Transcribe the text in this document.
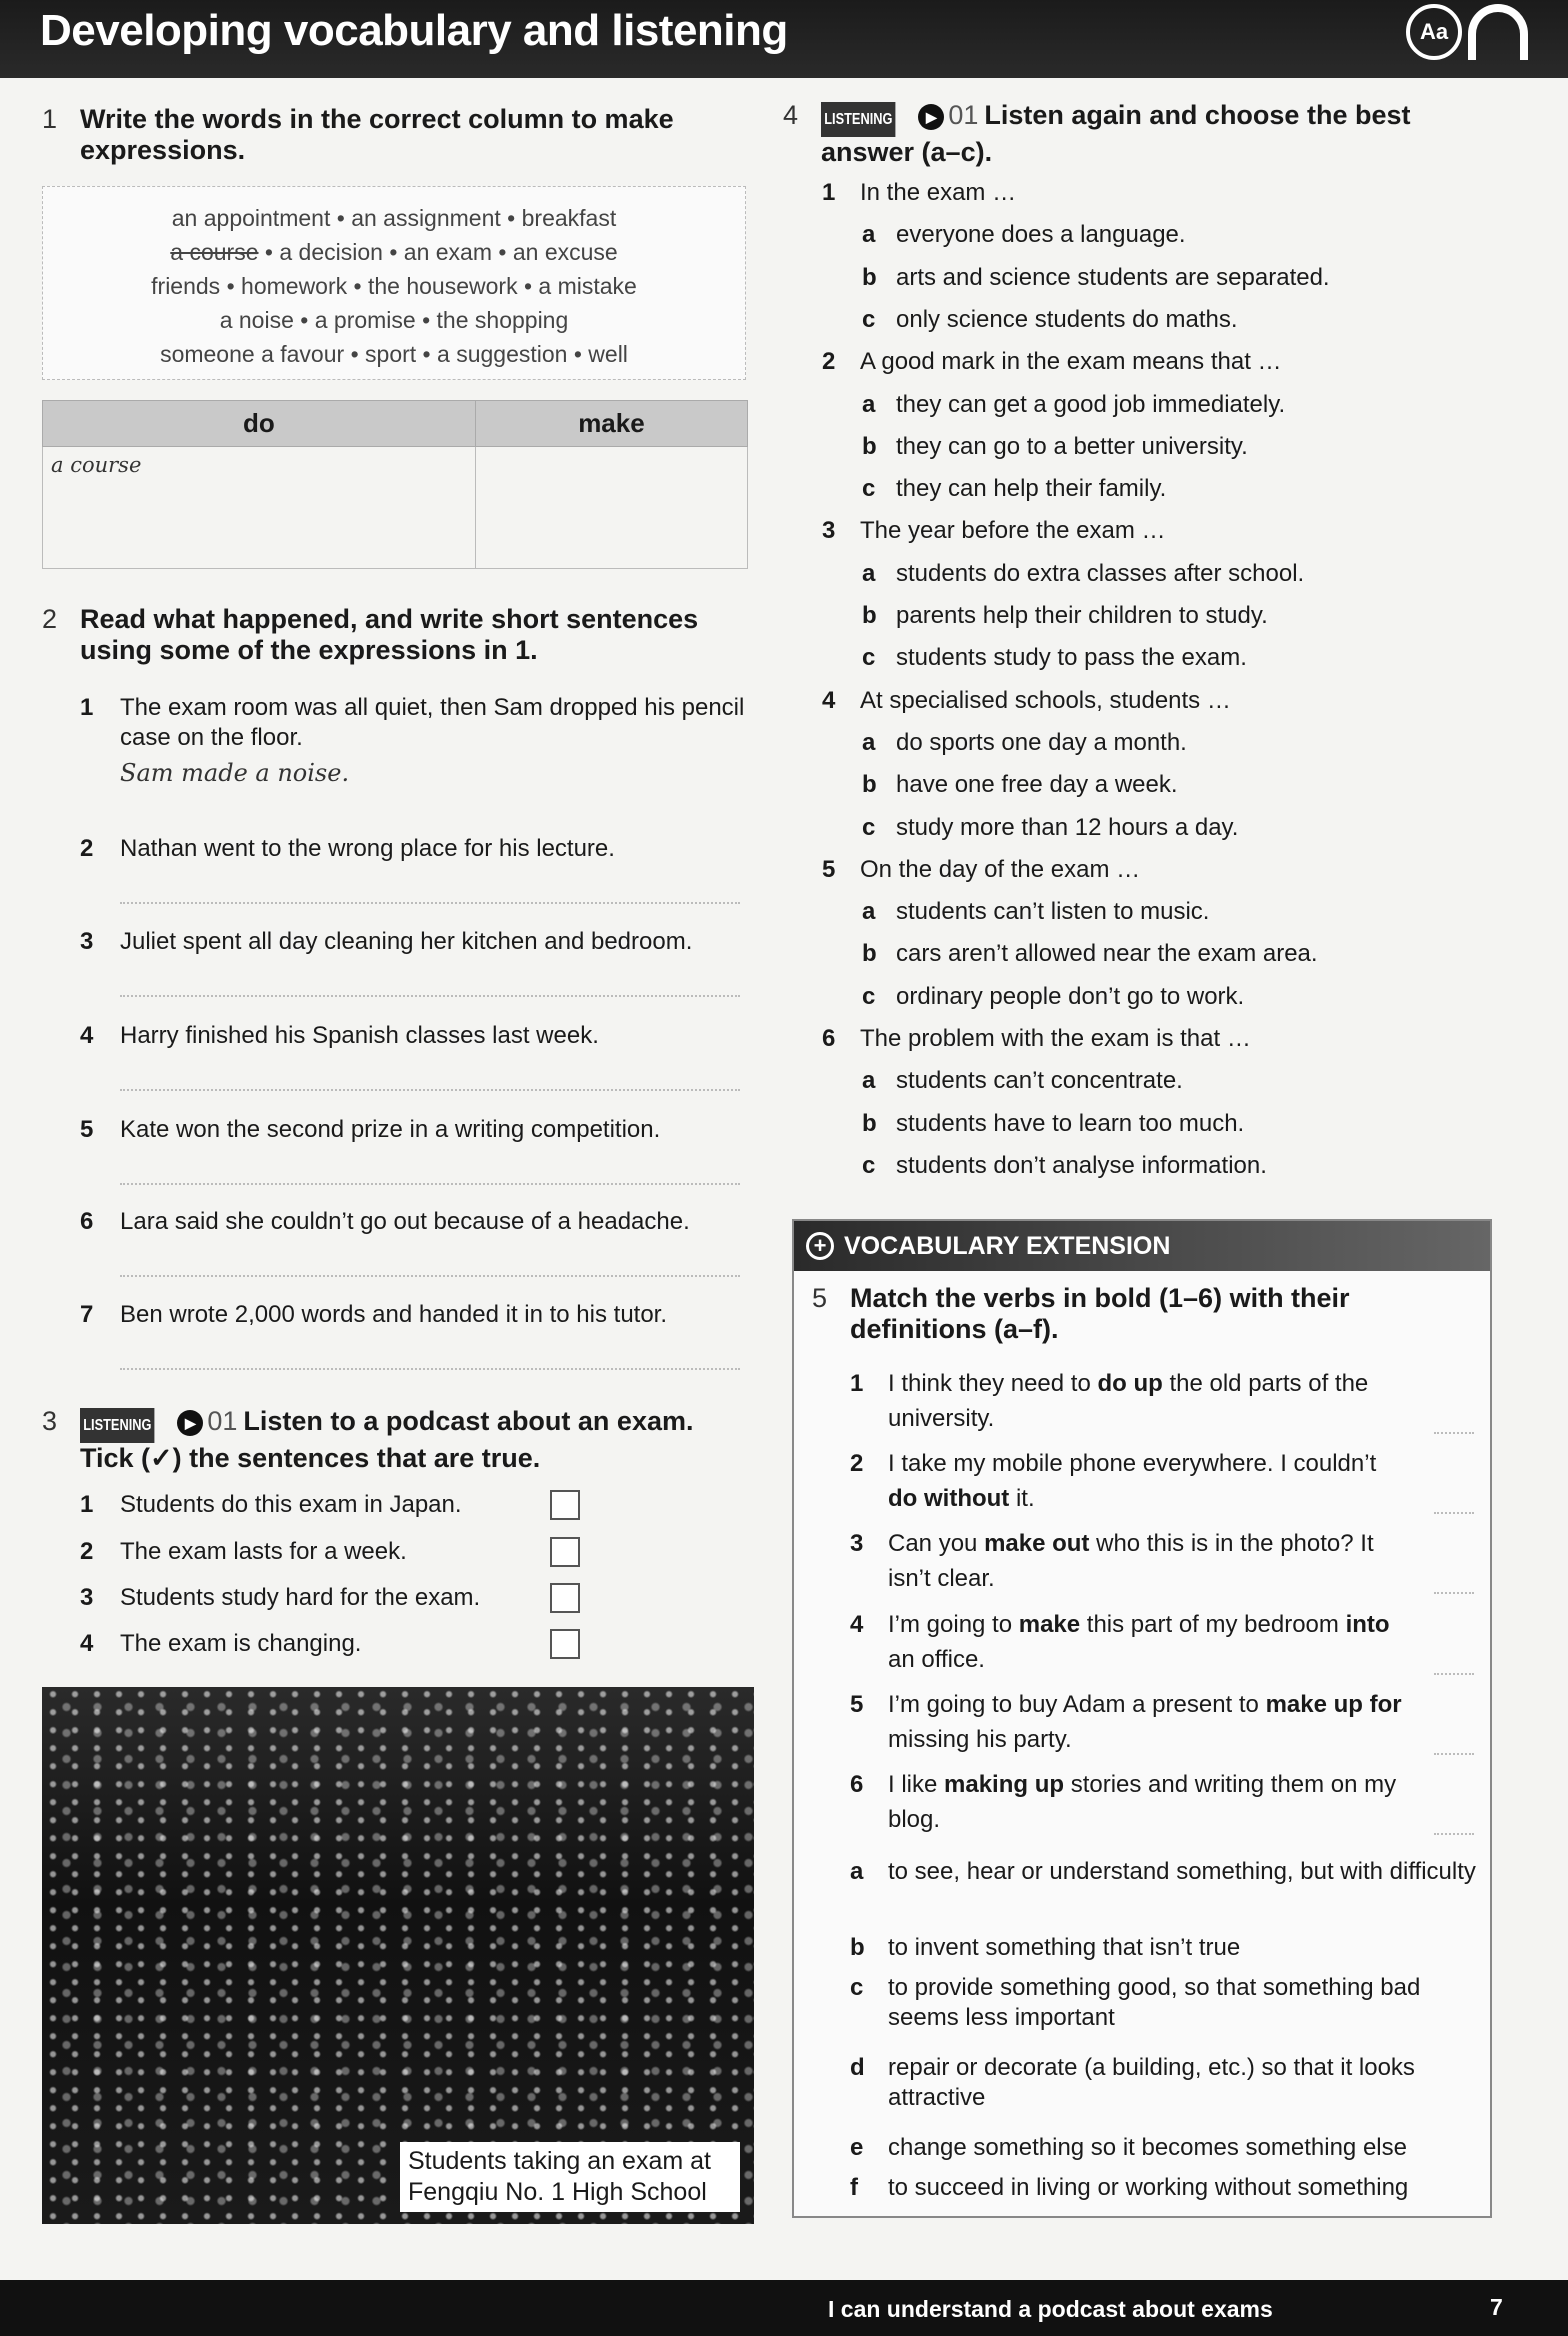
Developing vocabulary and listening	Aa
1 Write the words in the correct column to make expressions.
an appointment • an assignment • breakfast
a course • a decision • an exam • an excuse
friends • homework • the housework • a mistake
a noise • a promise • the shopping
someone a favour • sport • a suggestion • well
do	make
a course	
2 Read what happened, and write short sentences using some of the expressions in 1.
1	The exam room was all quiet, then Sam dropped his pencil case on the floor.
Sam made a noise.
2	Nathan went to the wrong place for his lecture.
3	Juliet spent all day cleaning her kitchen and bedroom.
4	Harry finished his Spanish classes last week.
5	Kate won the second prize in a writing competition.
6	Lara said she couldn’t go out because of a headache.
7	Ben wrote 2,000 words and handed it in to his tutor.
3	LISTENING ▶ 01 Listen to a podcast about an exam. Tick (✓) the sentences that are true.
1	Students do this exam in Japan.
2	The exam lasts for a week.
3	Students study hard for the exam.
4	The exam is changing.
Students taking an exam at Fengqiu No. 1 High School
4	LISTENING ▶ 01 Listen again and choose the best answer (a–c).
1	In the exam …
a everyone does a language.
b arts and science students are separated.
c only science students do maths.
2	A good mark in the exam means that …
a they can get a good job immediately.
b they can go to a better university.
c they can help their family.
3	The year before the exam …
a students do extra classes after school.
b parents help their children to study.
c students study to pass the exam.
4	At specialised schools, students …
a do sports one day a month.
b have one free day a week.
c study more than 12 hours a day.
5	On the day of the exam …
a students can’t listen to music.
b cars aren’t allowed near the exam area.
c ordinary people don’t go to work.
6	The problem with the exam is that …
a students can’t concentrate.
b students have to learn too much.
c students don’t analyse information.
+ VOCABULARY EXTENSION
5 Match the verbs in bold (1–6) with their definitions (a–f).
1	I think they need to do up the old parts of the university.
2	I take my mobile phone everywhere. I couldn’t do without it.
3	Can you make out who this is in the photo? It isn’t clear.
4	I’m going to make this part of my bedroom into an office.
5	I’m going to buy Adam a present to make up for missing his party.
6	I like making up stories and writing them on my blog.
a	to see, hear or understand something, but with difficulty
b to invent something that isn’t true
c	to provide something good, so that something bad seems less important
d repair or decorate (a building, etc.) so that it looks attractive
e	change something so it becomes something else
f	to succeed in living or working without something
I can understand a podcast about exams	7
